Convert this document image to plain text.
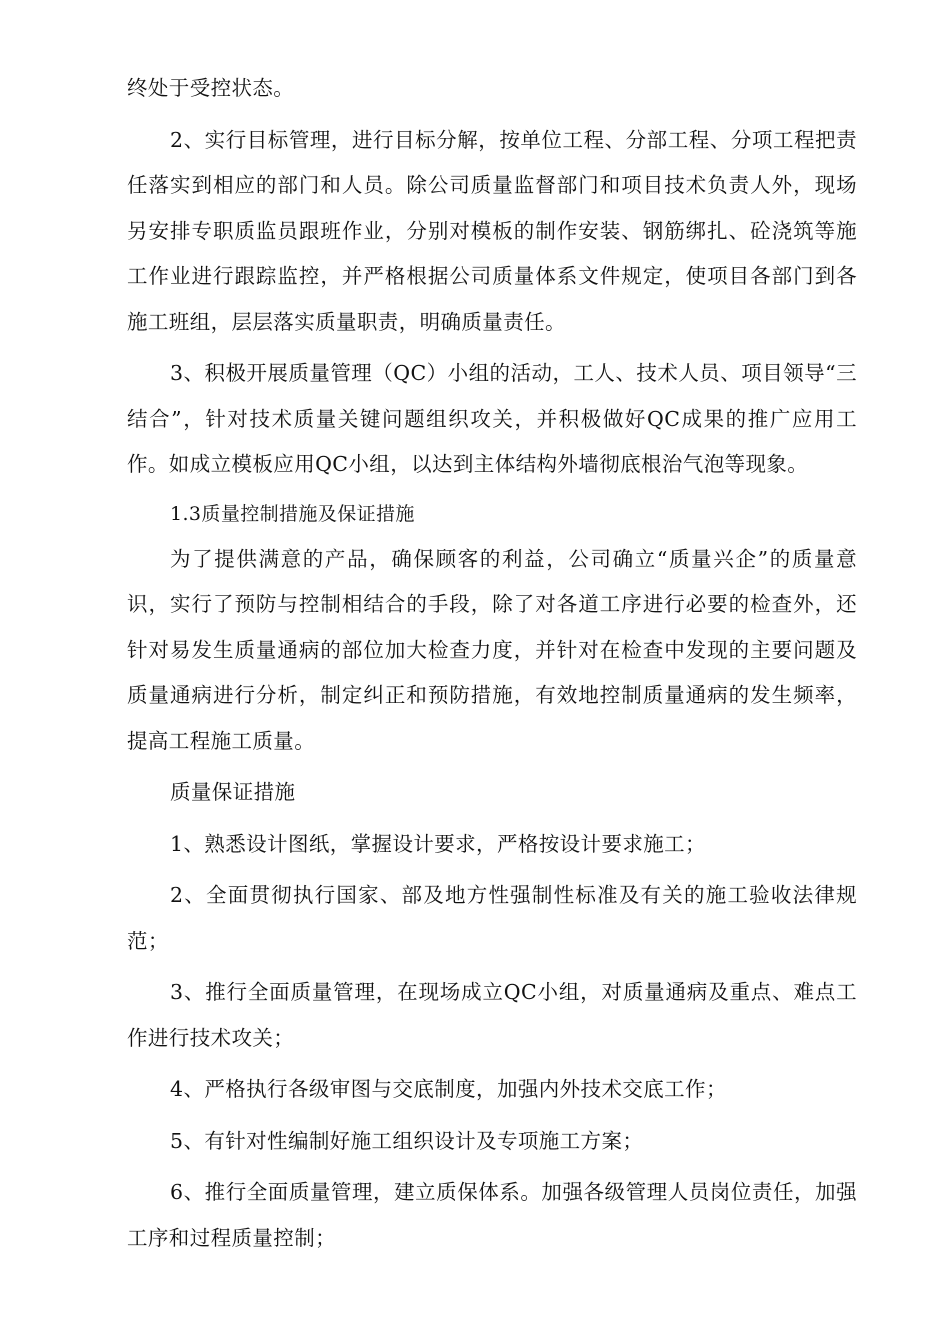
终处于受控状态。

2、实行目标管理，进行目标分解，按单位工程、分部工程、分项工程把责任落实到相应的部门和人员。除公司质量监督部门和项目技术负责人外，现场另安排专职质监员跟班作业，分别对模板的制作安装、钢筋绑扎、砼浇筑等施工作业进行跟踪监控，并严格根据公司质量体系文件规定，使项目各部门到各施工班组，层层落实质量职责，明确质量责任。

3、积极开展质量管理（QC）小组的活动，工人、技术人员、项目领导“三结合”，针对技术质量关键问题组织攻关，并积极做好QC成果的推广应用工作。如成立模板应用QC小组，以达到主体结构外墙彻底根治气泡等现象。

1.3质量控制措施及保证措施

为了提供满意的产品，确保顾客的利益，公司确立“质量兴企”的质量意识，实行了预防与控制相结合的手段，除了对各道工序进行必要的检查外，还针对易发生质量通病的部位加大检查力度，并针对在检查中发现的主要问题及质量通病进行分析，制定纠正和预防措施，有效地控制质量通病的发生频率，提高工程施工质量。

质量保证措施

1、熟悉设计图纸，掌握设计要求，严格按设计要求施工；

2、全面贯彻执行国家、部及地方性强制性标准及有关的施工验收法律规范；

3、推行全面质量管理，在现场成立QC小组，对质量通病及重点、难点工作进行技术攻关；

4、严格执行各级审图与交底制度，加强内外技术交底工作；

5、有针对性编制好施工组织设计及专项施工方案；

6、推行全面质量管理，建立质保体系。加强各级管理人员岗位责任，加强工序和过程质量控制；
